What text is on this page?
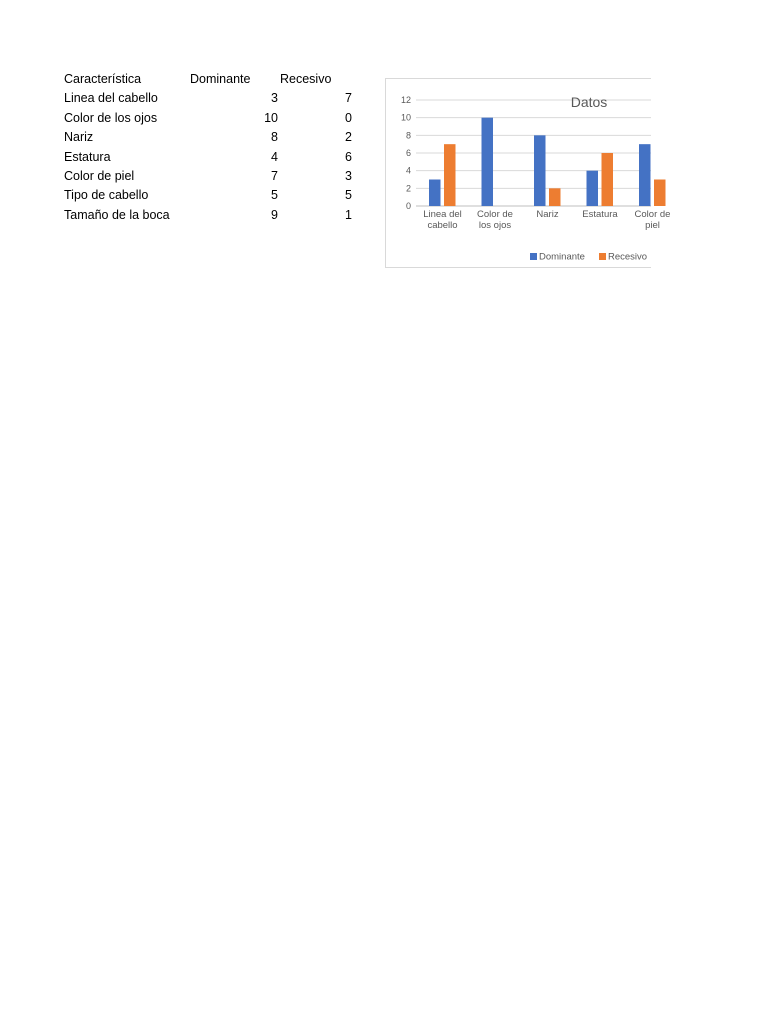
Característica	Dominante Recesivo
Linea del cabello	3	7
Color de los ojos	10	0
Nariz	8	2
Estatura	4	6
Color de piel	7	3
Tipo de cabello	5	5
Tamaño de la boca	9	1
0
2
4
6
8
10
12	Datos
Linea del
cabello
Color de
los ojos
Nariz Estatura Color de
piel
Dominante Recesivo
